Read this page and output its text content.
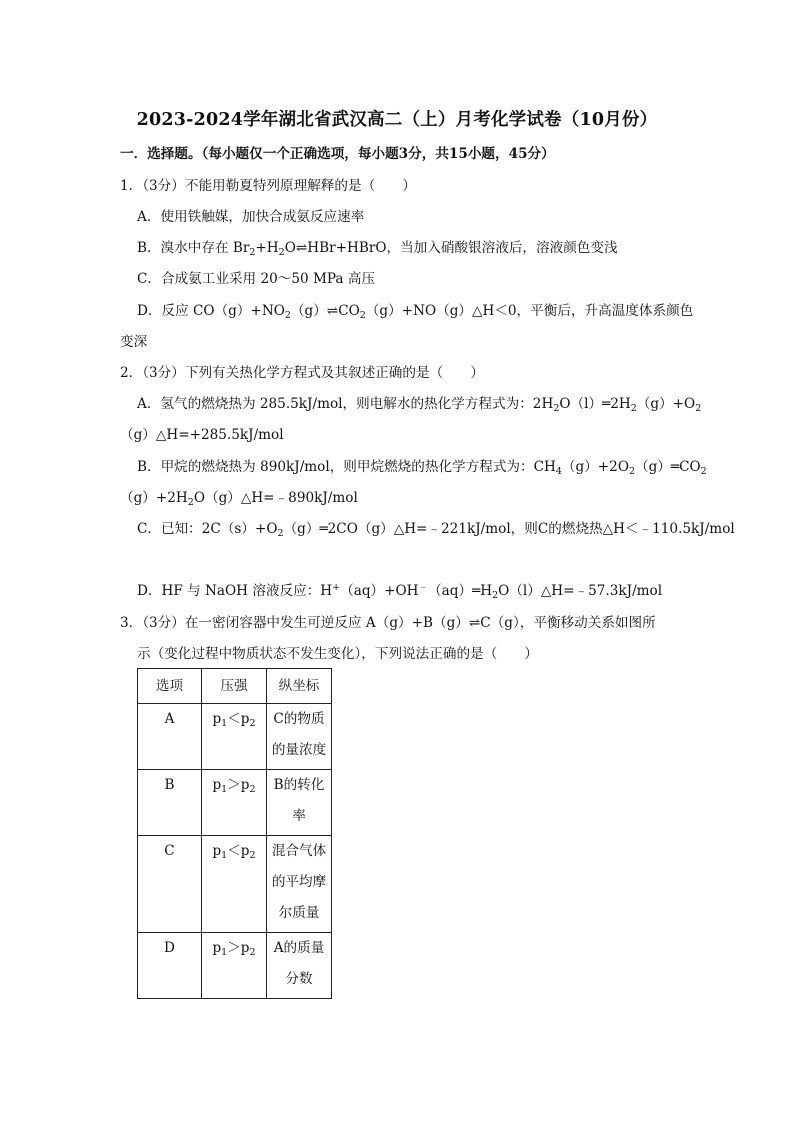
2023-2024学年湖北省武汉高二（上）月考化学试卷（10月份）
一．选择题。（每小题仅一个正确选项，每小题3分，共15小题，45分）
1．（3分）不能用勒夏特列原理解释的是（　　）
A．使用铁触媒，加快合成氨反应速率
B．溴水中存在 $Br_2+H_2O\rightleftharpoons HBr+HBrO$，当加入硝酸银溶液后，溶液颜色变浅
C．合成氨工业采用 20～50 MPa 高压
D．反应 $CO(g)+NO_2(g)\rightleftharpoons CO_2(g)+NO(g)\triangle H<0$，平衡后，升高温度体系颜色
变深
2．（3分）下列有关热化学方程式及其叙述正确的是（　　）
A．氢气的燃烧热为 285.5kJ/mol，则电解水的热化学方程式为：$2H_2O(l)═2H_2(g)+O_2$
（g）△H=+285.5kJ/mol
B．甲烷的燃烧热为 890kJ/mol，则甲烷燃烧的热化学方程式为：$CH_4(g)+2O_2(g)═CO_2$
$(g)+2H_2O(g)\triangle H=﹣890kJ$/mol
C．已知：$2C(s)+O_2(g)═2CO(g)\triangle H=﹣221kJ$/mol，则C的燃烧热△H＜﹣110.5kJ/mol
D．HF 与 NaOH 溶液反应：$H^+(aq)+OH^﹣(aq)═H_2O(l)\triangle H=﹣57.3kJ$/mol
3．（3分）在一密闭容器中发生可逆反应 A（g）+B（g）⇌C（g），平衡移动关系如图所
示（变化过程中物质状态不发生变化），下列说法正确的是（　　）
选项	压强	纵坐标

A	$p_1<p_2$	C的物质的量浓度

B	$p_1>p_2$	B的转化率

C	$p_1<p_2$	混合气体的平均摩尔质量

D	$p_1>p_2$	A的质量分数
